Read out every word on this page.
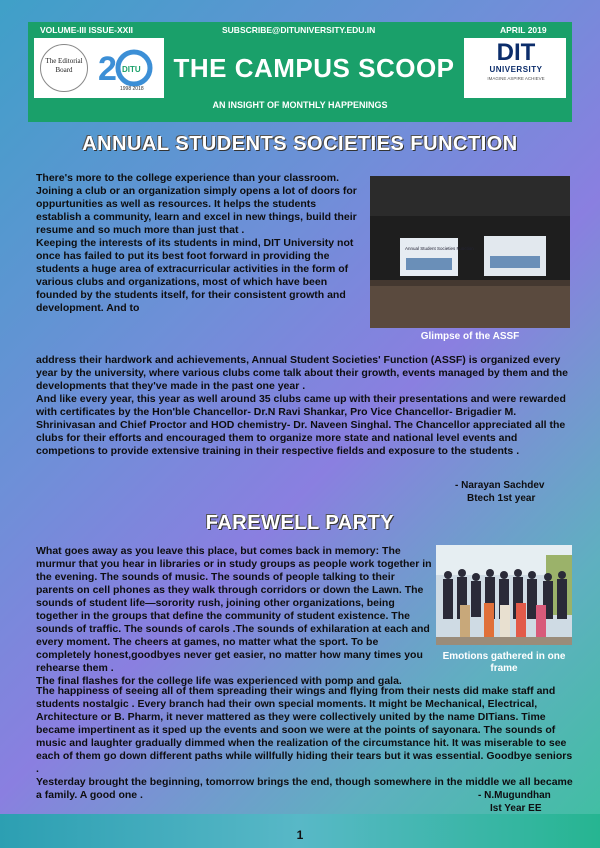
VOLUME-III ISSUE-XXII	SUBSCRIBE@DITUNIVERSITY.EDU.IN	APRIL 2019
The Editorial Board 2 DITU
1998 2018
THE CAMPUS SCOOP
DIT
UNIVERSITY
IMAGINE ASPIRE ACHIEVE
AN INSIGHT OF MONTHLY HAPPENINGS
ANNUAL STUDENTS SOCIETIES FUNCTION

There's more to the college experience than your classroom. Joining a club or an organization simply opens a lot of doors for oppurtunities as well as resources. It helps the students establish a community, learn and excel in new things, build their resume and so much more than just that .

Keeping the interests of its students in mind, DIT University not once has failed to put its best foot forward in providing the students a huge area of extracurricular activities in the form of various clubs and organizations, most of which have been founded by the students itself, for their consistent growth and development. And to

Annual Student Societies Function
Glimpse of the ASSF

address their hardwork and achievements, Annual Student Societies' Function (ASSF) is organized every year by the university, where various clubs come talk about their growth, events managed by them and the developments that they've made in the past one year .

And like every year, this year as well around 35 clubs came up with their presentations and were rewarded with certificates by the Hon'ble Chancellor- Dr.N Ravi Shankar, Pro Vice Chancellor- Brigadier M. Shrinivasan and Chief Proctor and HOD chemistry- Dr. Naveen Singhal. The Chancellor appreciated all the clubs for their efforts and encouraged them to organize more state and national level events and competions to provide extensive training in their respective fields and exposure to the students .

- Narayan Sachdev
Btech 1st year
FAREWELL PARTY

What goes away as you leave this place, but comes back in memory: The murmur that you hear in libraries or in study groups as people work together in the evening. The sounds of music. The sounds of people talking to their parents on cell phones as they walk through corridors or down the Lawn. The sounds of student life—sorority rush, joining other organizations, being together in the groups that define the community of student existence. The sounds of traffic. The sounds of carols .The sounds of exhilaration at each and every moment. The cheers at games, no matter what the sport. To be completely honest,goodbyes never get easier, no matter how many times you rehearse them .

The final flashes for the college life was experienced with pomp and gala.

Emotions gathered in one frame

The happiness of seeing all of them spreading their wings and flying from their nests did make staff and students nostalgic . Every branch had their own special moments. It might be Mechanical, Electrical, Architecture or B. Pharm, it never mattered as they were collectively united by the name DITians. Time became impertinent as it sped up the events and soon we were at the points of sayonara. The sounds of music and laughter gradually dimmed when the realization of the circumstance hit. It was miserable to see each of them go down different paths while willfully hiding their tears but it was essential. Goodbye seniors .

Yesterday brought the beginning, tomorrow brings the end, though somewhere in the middle we all became a family. A good one .	- N.Mugundhan
Ist Year EE
1
